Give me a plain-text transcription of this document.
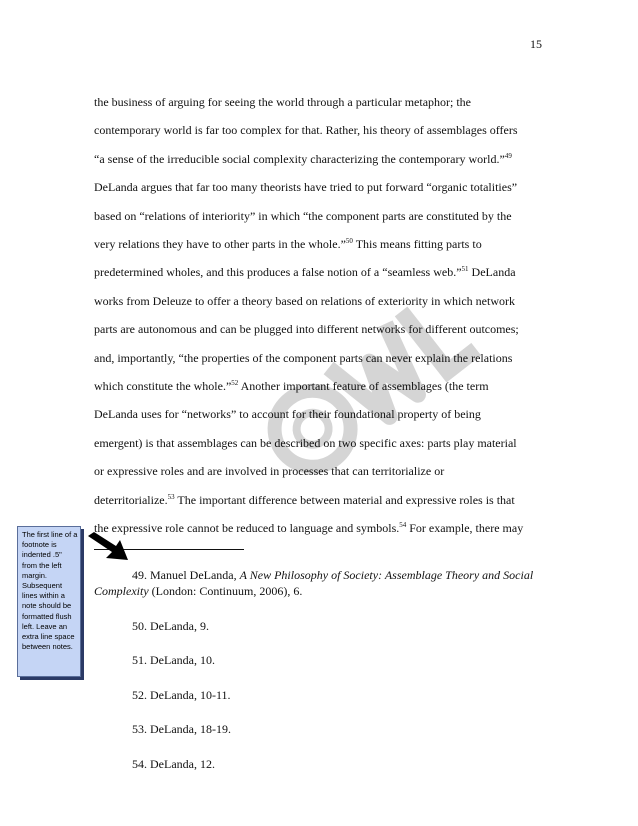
15
the business of arguing for seeing the world through a particular metaphor; the
contemporary world is far too complex for that. Rather, his theory of assemblages offers
“a sense of the irreducible social complexity characterizing the contemporary world.”$^{49}$
DeLanda argues that far too many theorists have tried to put forward “organic totalities”
based on “relations of interiority” in which “the component parts are constituted by the
very relations they have to other parts in the whole.”$^{50}$ This means fitting parts to
predetermined wholes, and this produces a false notion of a “seamless web.”$^{51}$ DeLanda
works from Deleuze to offer a theory based on relations of exteriority in which network
parts are autonomous and can be plugged into different networks for different outcomes;
and, importantly, “the properties of the component parts can never explain the relations
which constitute the whole.”$^{52}$ Another important feature of assemblages (the term
DeLanda uses for “networks” to account for their foundational property of being
emergent) is that assemblages can be described on two specific axes: parts play material
or expressive roles and are involved in processes that can territorialize or
deterritorialize.$^{53}$ The important difference between material and expressive roles is that
the expressive role cannot be reduced to language and symbols.$^{54}$ For example, there may
49. Manuel DeLanda, A New Philosophy of Society: Assemblage Theory and Social Complexity (London: Continuum, 2006), 6.
50. DeLanda, 9.
51. DeLanda, 10.
52. DeLanda, 10-11.
53. DeLanda, 18-19.
54. DeLanda, 12.
The first line of a footnote is indented .5" from the left margin. Subsequent lines within a note should be formatted flush left. Leave an extra line space between notes.
